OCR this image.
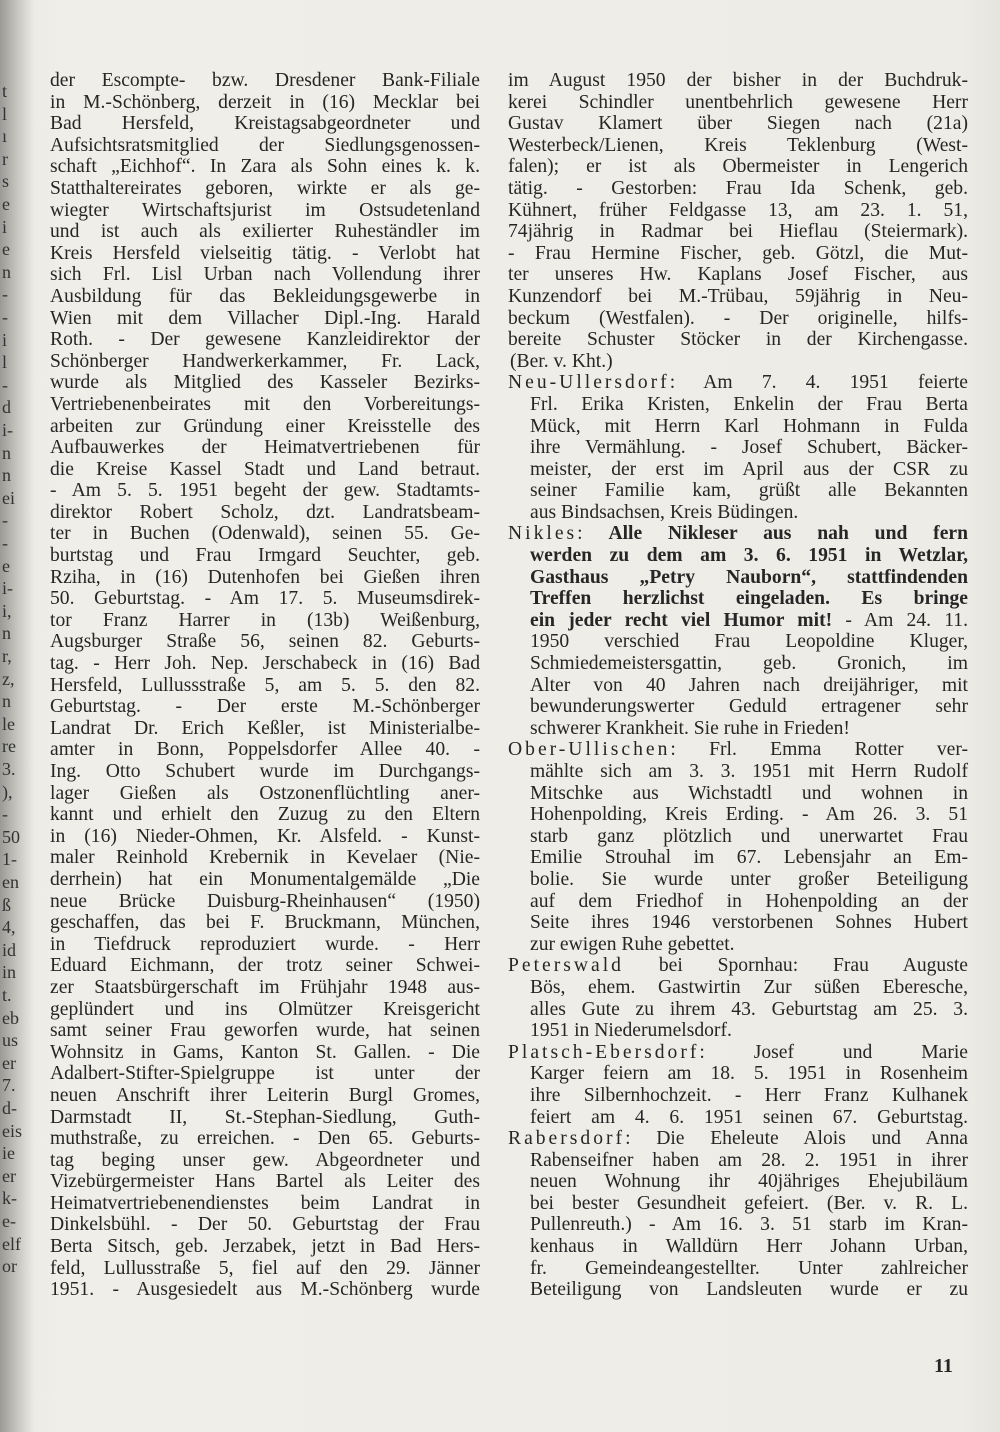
t
l
ı
r
s
e
i
e
n
-
-
i
l
-
d
i-
n
n
ei
-
-
e
i-
i,
n
r,
z,
n
le
re
3.
),
-
50
1-
en
ß
4,
id
in
t.
eb
us
er
7.
d-
eis
ie
er
k-
e-
elf
or
der Escompte- bzw. Dresdener Bank-Filiale
in M.-Schönberg, derzeit in (16) Mecklar bei
Bad Hersfeld, Kreistagsabgeordneter und
Aufsichtsratsmitglied der Siedlungsgenossen-
schaft „Eichhof“. In Zara als Sohn eines k. k.
Statthaltereirates geboren, wirkte er als ge-
wiegter Wirtschaftsjurist im Ostsudetenland
und ist auch als exilierter Ruheständler im
Kreis Hersfeld vielseitig tätig. - Verlobt hat
sich Frl. Lisl Urban nach Vollendung ihrer
Ausbildung für das Bekleidungsgewerbe in
Wien mit dem Villacher Dipl.-Ing. Harald
Roth. - Der gewesene Kanzleidirektor der
Schönberger Handwerkerkammer, Fr. Lack,
wurde als Mitglied des Kasseler Bezirks-
Vertriebenenbeirates mit den Vorbereitungs-
arbeiten zur Gründung einer Kreisstelle des
Aufbauwerkes der Heimatvertriebenen für
die Kreise Kassel Stadt und Land betraut.
- Am 5. 5. 1951 begeht der gew. Stadtamts-
direktor Robert Scholz, dzt. Landratsbeam-
ter in Buchen (Odenwald), seinen 55. Ge-
burtstag und Frau Irmgard Seuchter, geb.
Rziha, in (16) Dutenhofen bei Gießen ihren
50. Geburtstag. - Am 17. 5. Museumsdirek-
tor Franz Harrer in (13b) Weißenburg,
Augsburger Straße 56, seinen 82. Geburts-
tag. - Herr Joh. Nep. Jerschabeck in (16) Bad
Hersfeld, Lullussstraße 5, am 5. 5. den 82.
Geburtstag. - Der erste M.-Schönberger
Landrat Dr. Erich Keßler, ist Ministerialbe-
amter in Bonn, Poppelsdorfer Allee 40. -
Ing. Otto Schubert wurde im Durchgangs-
lager Gießen als Ostzonenflüchtling aner-
kannt und erhielt den Zuzug zu den Eltern
in (16) Nieder-Ohmen, Kr. Alsfeld. - Kunst-
maler Reinhold Krebernik in Kevelaer (Nie-
derrhein) hat ein Monumentalgemälde „Die
neue Brücke Duisburg-Rheinhausen“ (1950)
geschaffen, das bei F. Bruckmann, München,
in Tiefdruck reproduziert wurde. - Herr
Eduard Eichmann, der trotz seiner Schwei-
zer Staatsbürgerschaft im Frühjahr 1948 aus-
geplündert und ins Olmützer Kreisgericht
samt seiner Frau geworfen wurde, hat seinen
Wohnsitz in Gams, Kanton St. Gallen. - Die
Adalbert-Stifter-Spielgruppe ist unter der
neuen Anschrift ihrer Leiterin Burgl Gromes,
Darmstadt II, St.-Stephan-Siedlung, Guth-
muthstraße, zu erreichen. - Den 65. Geburts-
tag beging unser gew. Abgeordneter und
Vizebürgermeister Hans Bartel als Leiter des
Heimatvertriebenendienstes beim Landrat in
Dinkelsbühl. - Der 50. Geburtstag der Frau
Berta Sitsch, geb. Jerzabek, jetzt in Bad Hers-
feld, Lullusstraße 5, fiel auf den 29. Jänner
1951. - Ausgesiedelt aus M.-Schönberg wurde
im August 1950 der bisher in der Buchdruk-
kerei Schindler unentbehrlich gewesene Herr
Gustav Klamert über Siegen nach (21a)
Westerbeck/Lienen, Kreis Teklenburg (West-
falen); er ist als Obermeister in Lengerich
tätig. - Gestorben: Frau Ida Schenk, geb.
Kühnert, früher Feldgasse 13, am 23. 1. 51,
74jährig in Radmar bei Hieflau (Steiermark).
- Frau Hermine Fischer, geb. Götzl, die Mut-
ter unseres Hw. Kaplans Josef Fischer, aus
Kunzendorf bei M.-Trübau, 59jährig in Neu-
beckum (Westfalen). - Der originelle, hilfs-
bereite Schuster Stöcker in der Kirchengasse.
(Ber. v. Kht.)
Neu-Ullersdorf: Am 7. 4. 1951 feierte
Frl. Erika Kristen, Enkelin der Frau Berta
Mück, mit Herrn Karl Hohmann in Fulda
ihre Vermählung. - Josef Schubert, Bäcker-
meister, der erst im April aus der CSR zu
seiner Familie kam, grüßt alle Bekannten
aus Bindsachsen, Kreis Büdingen.
Nikles: Alle Nikleser aus nah und fern
werden zu dem am 3. 6. 1951 in Wetzlar,
Gasthaus „Petry Nauborn“, stattfindenden
Treffen herzlichst eingeladen. Es bringe
ein jeder recht viel Humor mit! - Am 24. 11.
1950 verschied Frau Leopoldine Kluger,
Schmiedemeistersgattin, geb. Gronich, im
Alter von 40 Jahren nach dreijähriger, mit
bewunderungswerter Geduld ertragener sehr
schwerer Krankheit. Sie ruhe in Frieden!
Ober-Ullischen: Frl. Emma Rotter ver-
mählte sich am 3. 3. 1951 mit Herrn Rudolf
Mitschke aus Wichstadtl und wohnen in
Hohenpolding, Kreis Erding. - Am 26. 3. 51
starb ganz plötzlich und unerwartet Frau
Emilie Strouhal im 67. Lebensjahr an Em-
bolie. Sie wurde unter großer Beteiligung
auf dem Friedhof in Hohenpolding an der
Seite ihres 1946 verstorbenen Sohnes Hubert
zur ewigen Ruhe gebettet.
Peterswald bei Spornhau: Frau Auguste
Bös, ehem. Gastwirtin Zur süßen Eberesche,
alles Gute zu ihrem 43. Geburtstag am 25. 3.
1951 in Niederumelsdorf.
Platsch-Ebersdorf: Josef und Marie
Karger feiern am 18. 5. 1951 in Rosenheim
ihre Silbernhochzeit. - Herr Franz Kulhanek
feiert am 4. 6. 1951 seinen 67. Geburtstag.
Rabersdorf: Die Eheleute Alois und Anna
Rabenseifner haben am 28. 2. 1951 in ihrer
neuen Wohnung ihr 40jähriges Ehejubiläum
bei bester Gesundheit gefeiert. (Ber. v. R. L.
Pullenreuth.) - Am 16. 3. 51 starb im Kran-
kenhaus in Walldürn Herr Johann Urban,
fr. Gemeindeangestellter. Unter zahlreicher
Beteiligung von Landsleuten wurde er zu
11
